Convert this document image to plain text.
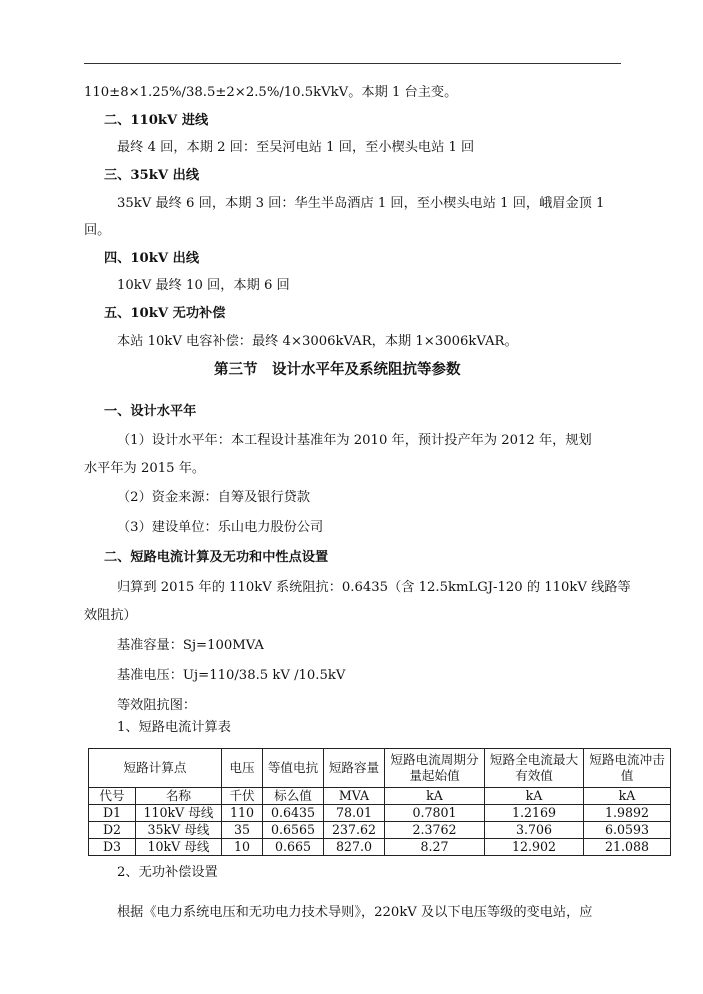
110±8×1.25%/38.5±2×2.5%/10.5kVkV。本期 1 台主变。
二、110kV 进线
最终 4 回，本期 2 回：至吴河电站 1 回，至小楔头电站 1 回
三、35kV 出线
35kV 最终 6 回，本期 3 回：华生半岛酒店 1 回，至小楔头电站 1 回，峨眉金顶 1
回。
四、10kV 出线
10kV 最终 10 回，本期 6 回
五、10kV 无功补偿
本站 10kV 电容补偿：最终 4×3006kVAR，本期 1×3006kVAR。
第三节　设计水平年及系统阻抗等参数
一、设计水平年
（1）设计水平年：本工程设计基准年为 2010 年，预计投产年为 2012 年，规划
水平年为 2015 年。
（2）资金来源：自筹及银行贷款
（3）建设单位：乐山电力股份公司
二、短路电流计算及无功和中性点设置
归算到 2015 年的 110kV 系统阻抗：0.6435（含 12.5kmLGJ-120 的 110kV 线路等
效阻抗）
基准容量：Sj=100MVA
基准电压：Uj=110/38.5 kV /10.5kV
等效阻抗图：
1、短路电流计算表
短路计算点		电压	等值电抗	短路容量	短路电流周期分量起始值	短路全电流最大有效值	短路电流冲击值
代号	名称	千伏	标么值	MVA	kA	kA	kA
D1	110kV 母线	110	0.6435	78.01	0.7801	1.2169	1.9892
D2	35kV 母线	35	0.6565	237.62	2.3762	3.706	6.0593
D3	10kV 母线	10	0.665	827.0	8.27	12.902	21.088
2、无功补偿设置
根据《电力系统电压和无功电力技术导则》，220kV 及以下电压等级的变电站，应
